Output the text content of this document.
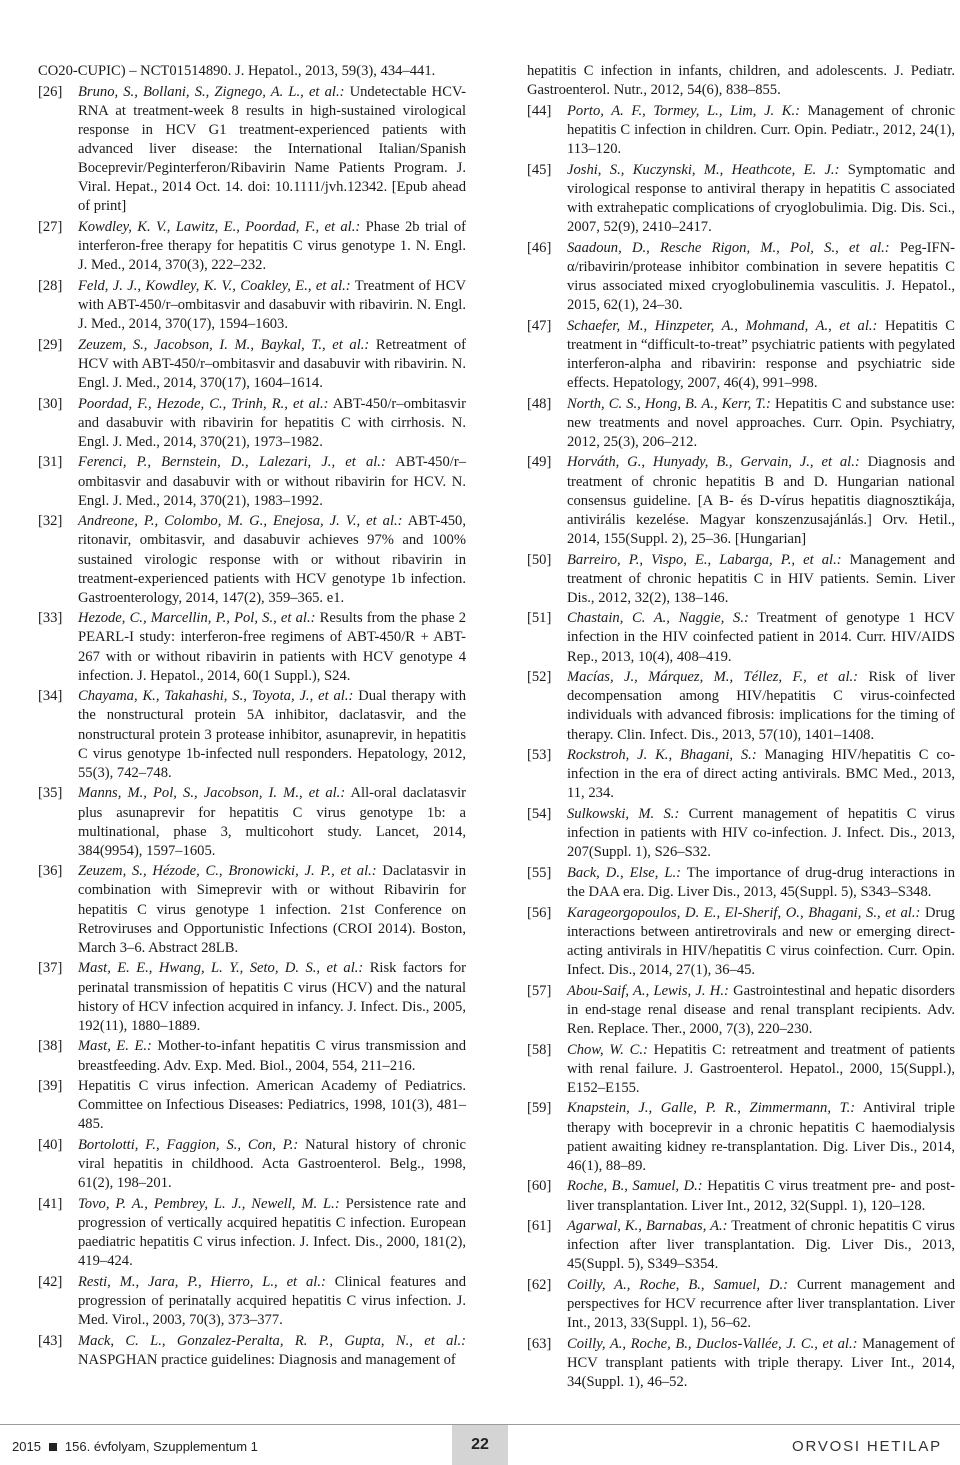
CO20-CUPIC) – NCT01514890. J. Hepatol., 2013, 59(3), 434–441.

[26] Bruno, S., Bollani, S., Zignego, A. L., et al.: Undetectable HCV-RNA at treatment-week 8 results in high-sustained virological response in HCV G1 treatment-experienced patients with advanced liver disease: the International Italian/Spanish Boceprevir/Peginterferon/Ribavirin Name Patients Program. J. Viral. Hepat., 2014 Oct. 14. doi: 10.1111/jvh.12342. [Epub ahead of print]

[27] Kowdley, K. V., Lawitz, E., Poordad, F., et al.: Phase 2b trial of interferon-free therapy for hepatitis C virus genotype 1. N. Engl. J. Med., 2014, 370(3), 222–232.

[28] Feld, J. J., Kowdley, K. V., Coakley, E., et al.: Treatment of HCV with ABT-450/r–ombitasvir and dasabuvir with ribavirin. N. Engl. J. Med., 2014, 370(17), 1594–1603.

[29] Zeuzem, S., Jacobson, I. M., Baykal, T., et al.: Retreatment of HCV with ABT-450/r–ombitasvir and dasabuvir with ribavirin. N. Engl. J. Med., 2014, 370(17), 1604–1614.

[30] Poordad, F., Hezode, C., Trinh, R., et al.: ABT-450/r–ombitasvir and dasabuvir with ribavirin for hepatitis C with cirrhosis. N. Engl. J. Med., 2014, 370(21), 1973–1982.

[31] Ferenci, P., Bernstein, D., Lalezari, J., et al.: ABT-450/r–ombitasvir and dasabuvir with or without ribavirin for HCV. N. Engl. J. Med., 2014, 370(21), 1983–1992.

[32] Andreone, P., Colombo, M. G., Enejosa, J. V., et al.: ABT-450, ritonavir, ombitasvir, and dasabuvir achieves 97% and 100% sustained virologic response with or without ribavirin in treatment-experienced patients with HCV genotype 1b infection. Gastroenterology, 2014, 147(2), 359–365. e1.

[33] Hezode, C., Marcellin, P., Pol, S., et al.: Results from the phase 2 PEARL-I study: interferon-free regimens of ABT-450/R + ABT-267 with or without ribavirin in patients with HCV genotype 4 infection. J. Hepatol., 2014, 60(1 Suppl.), S24.

[34] Chayama, K., Takahashi, S., Toyota, J., et al.: Dual therapy with the nonstructural protein 5A inhibitor, daclatasvir, and the nonstructural protein 3 protease inhibitor, asunaprevir, in hepatitis C virus genotype 1b-infected null responders. Hepatology, 2012, 55(3), 742–748.

[35] Manns, M., Pol, S., Jacobson, I. M., et al.: All-oral daclatasvir plus asunaprevir for hepatitis C virus genotype 1b: a multinational, phase 3, multicohort study. Lancet, 2014, 384(9954), 1597–1605.

[36] Zeuzem, S., Hézode, C., Bronowicki, J. P., et al.: Daclatasvir in combination with Simeprevir with or without Ribavirin for hepatitis C virus genotype 1 infection. 21st Conference on Retroviruses and Opportunistic Infections (CROI 2014). Boston, March 3–6. Abstract 28LB.

[37] Mast, E. E., Hwang, L. Y., Seto, D. S., et al.: Risk factors for perinatal transmission of hepatitis C virus (HCV) and the natural history of HCV infection acquired in infancy. J. Infect. Dis., 2005, 192(11), 1880–1889.

[38] Mast, E. E.: Mother-to-infant hepatitis C virus transmission and breastfeeding. Adv. Exp. Med. Biol., 2004, 554, 211–216.

[39] Hepatitis C virus infection. American Academy of Pediatrics. Committee on Infectious Diseases: Pediatrics, 1998, 101(3), 481–485.

[40] Bortolotti, F., Faggion, S., Con, P.: Natural history of chronic viral hepatitis in childhood. Acta Gastroenterol. Belg., 1998, 61(2), 198–201.

[41] Tovo, P. A., Pembrey, L. J., Newell, M. L.: Persistence rate and progression of vertically acquired hepatitis C infection. European paediatric hepatitis C virus infection. J. Infect. Dis., 2000, 181(2), 419–424.

[42] Resti, M., Jara, P., Hierro, L., et al.: Clinical features and progression of perinatally acquired hepatitis C virus infection. J. Med. Virol., 2003, 70(3), 373–377.

[43] Mack, C. L., Gonzalez-Peralta, R. P., Gupta, N., et al.: NASPGHAN practice guidelines: Diagnosis and management of

hepatitis C infection in infants, children, and adolescents. J. Pediatr. Gastroenterol. Nutr., 2012, 54(6), 838–855.

[44] Porto, A. F., Tormey, L., Lim, J. K.: Management of chronic hepatitis C infection in children. Curr. Opin. Pediatr., 2012, 24(1), 113–120.

[45] Joshi, S., Kuczynski, M., Heathcote, E. J.: Symptomatic and virological response to antiviral therapy in hepatitis C associated with extrahepatic complications of cryoglobulimia. Dig. Dis. Sci., 2007, 52(9), 2410–2417.

[46] Saadoun, D., Resche Rigon, M., Pol, S., et al.: Peg-IFN-α/ribavirin/protease inhibitor combination in severe hepatitis C virus associated mixed cryoglobulinemia vasculitis. J. Hepatol., 2015, 62(1), 24–30.

[47] Schaefer, M., Hinzpeter, A., Mohmand, A., et al.: Hepatitis C treatment in “difficult-to-treat” psychiatric patients with pegylated interferon-alpha and ribavirin: response and psychiatric side effects. Hepatology, 2007, 46(4), 991–998.

[48] North, C. S., Hong, B. A., Kerr, T.: Hepatitis C and substance use: new treatments and novel approaches. Curr. Opin. Psychiatry, 2012, 25(3), 206–212.

[49] Horváth, G., Hunyady, B., Gervain, J., et al.: Diagnosis and treatment of chronic hepatitis B and D. Hungarian national consensus guideline. [A B- és D-vírus hepatitis diagnosztikája, antivirális kezelése. Magyar konszenzusajánlás.] Orv. Hetil., 2014, 155(Suppl. 2), 25–36. [Hungarian]

[50] Barreiro, P., Vispo, E., Labarga, P., et al.: Management and treatment of chronic hepatitis C in HIV patients. Semin. Liver Dis., 2012, 32(2), 138–146.

[51] Chastain, C. A., Naggie, S.: Treatment of genotype 1 HCV infection in the HIV coinfected patient in 2014. Curr. HIV/AIDS Rep., 2013, 10(4), 408–419.

[52] Macías, J., Márquez, M., Téllez, F., et al.: Risk of liver decompensation among HIV/hepatitis C virus-coinfected individuals with advanced fibrosis: implications for the timing of therapy. Clin. Infect. Dis., 2013, 57(10), 1401–1408.

[53] Rockstroh, J. K., Bhagani, S.: Managing HIV/hepatitis C co-infection in the era of direct acting antivirals. BMC Med., 2013, 11, 234.

[54] Sulkowski, M. S.: Current management of hepatitis C virus infection in patients with HIV co-infection. J. Infect. Dis., 2013, 207(Suppl. 1), S26–S32.

[55] Back, D., Else, L.: The importance of drug-drug interactions in the DAA era. Dig. Liver Dis., 2013, 45(Suppl. 5), S343–S348.

[56] Karageorgopoulos, D. E., El-Sherif, O., Bhagani, S., et al.: Drug interactions between antiretrovirals and new or emerging direct-acting antivirals in HIV/hepatitis C virus coinfection. Curr. Opin. Infect. Dis., 2014, 27(1), 36–45.

[57] Abou-Saif, A., Lewis, J. H.: Gastrointestinal and hepatic disorders in end-stage renal disease and renal transplant recipients. Adv. Ren. Replace. Ther., 2000, 7(3), 220–230.

[58] Chow, W. C.: Hepatitis C: retreatment and treatment of patients with renal failure. J. Gastroenterol. Hepatol., 2000, 15(Suppl.), E152–E155.

[59] Knapstein, J., Galle, P. R., Zimmermann, T.: Antiviral triple therapy with boceprevir in a chronic hepatitis C haemodialysis patient awaiting kidney re-transplantation. Dig. Liver Dis., 2014, 46(1), 88–89.

[60] Roche, B., Samuel, D.: Hepatitis C virus treatment pre- and post-liver transplantation. Liver Int., 2012, 32(Suppl. 1), 120–128.

[61] Agarwal, K., Barnabas, A.: Treatment of chronic hepatitis C virus infection after liver transplantation. Dig. Liver Dis., 2013, 45(Suppl. 5), S349–S354.

[62] Coilly, A., Roche, B., Samuel, D.: Current management and perspectives for HCV recurrence after liver transplantation. Liver Int., 2013, 33(Suppl. 1), 56–62.

[63] Coilly, A., Roche, B., Duclos-Vallée, J. C., et al.: Management of HCV transplant patients with triple therapy. Liver Int., 2014, 34(Suppl. 1), 46–52.

2015 156. évfolyam, Szupplementum 1	22	ORVOSI HETILAP
